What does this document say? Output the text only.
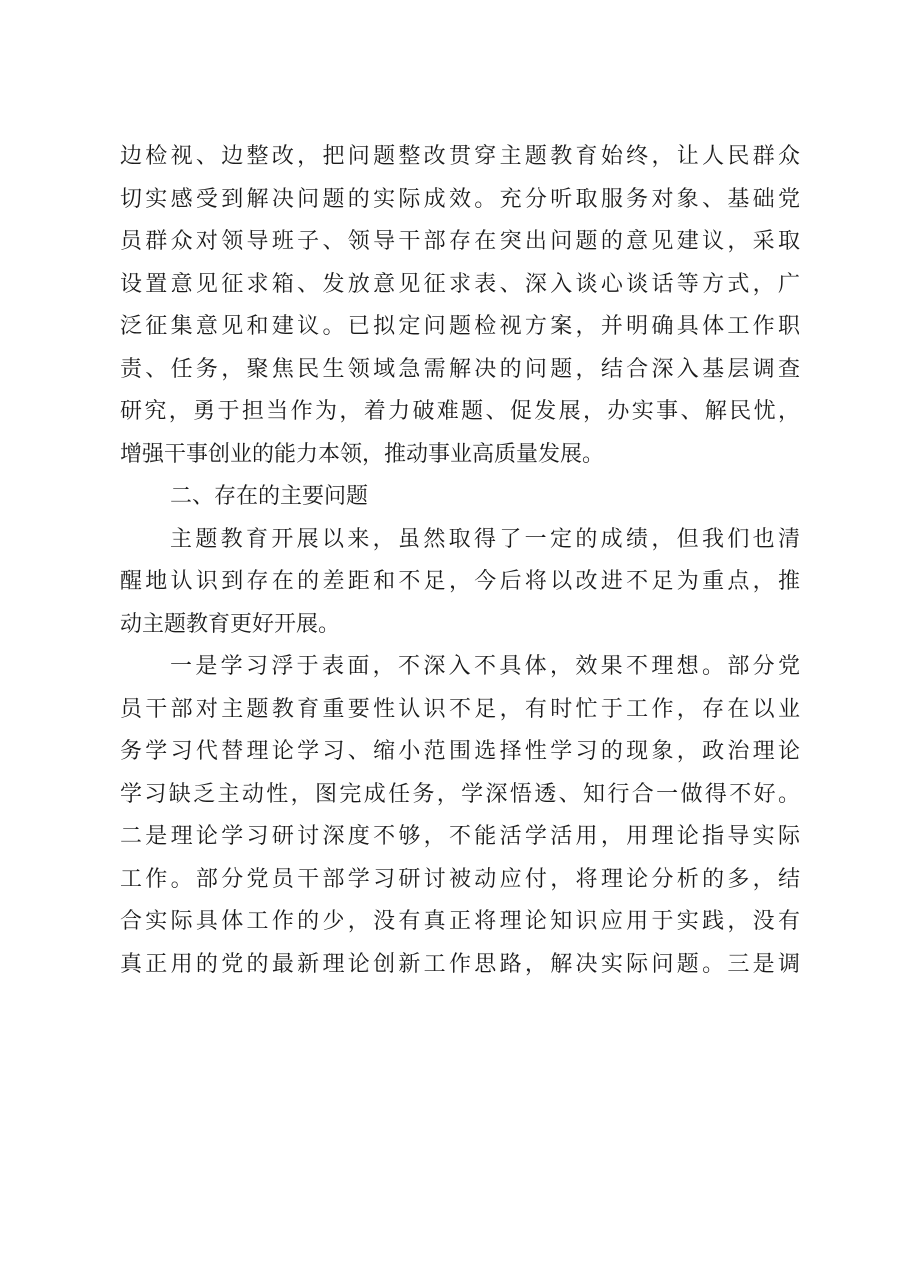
边检视、边整改，把问题整改贯穿主题教育始终，让人民群众
切实感受到解决问题的实际成效。充分听取服务对象、基础党
员群众对领导班子、领导干部存在突出问题的意见建议，采取
设置意见征求箱、发放意见征求表、深入谈心谈话等方式，广
泛征集意见和建议。已拟定问题检视方案，并明确具体工作职
责、任务，聚焦民生领域急需解决的问题，结合深入基层调查
研究，勇于担当作为，着力破难题、促发展，办实事、解民忧，
增强干事创业的能力本领，推动事业高质量发展。
二、存在的主要问题
主题教育开展以来，虽然取得了一定的成绩，但我们也清
醒地认识到存在的差距和不足，今后将以改进不足为重点，推
动主题教育更好开展。
一是学习浮于表面，不深入不具体，效果不理想。部分党
员干部对主题教育重要性认识不足，有时忙于工作，存在以业
务学习代替理论学习、缩小范围选择性学习的现象，政治理论
学习缺乏主动性，图完成任务，学深悟透、知行合一做得不好。
二是理论学习研讨深度不够，不能活学活用，用理论指导实际
工作。部分党员干部学习研讨被动应付，将理论分析的多，结
合实际具体工作的少，没有真正将理论知识应用于实践，没有
真正用的党的最新理论创新工作思路，解决实际问题。三是调
